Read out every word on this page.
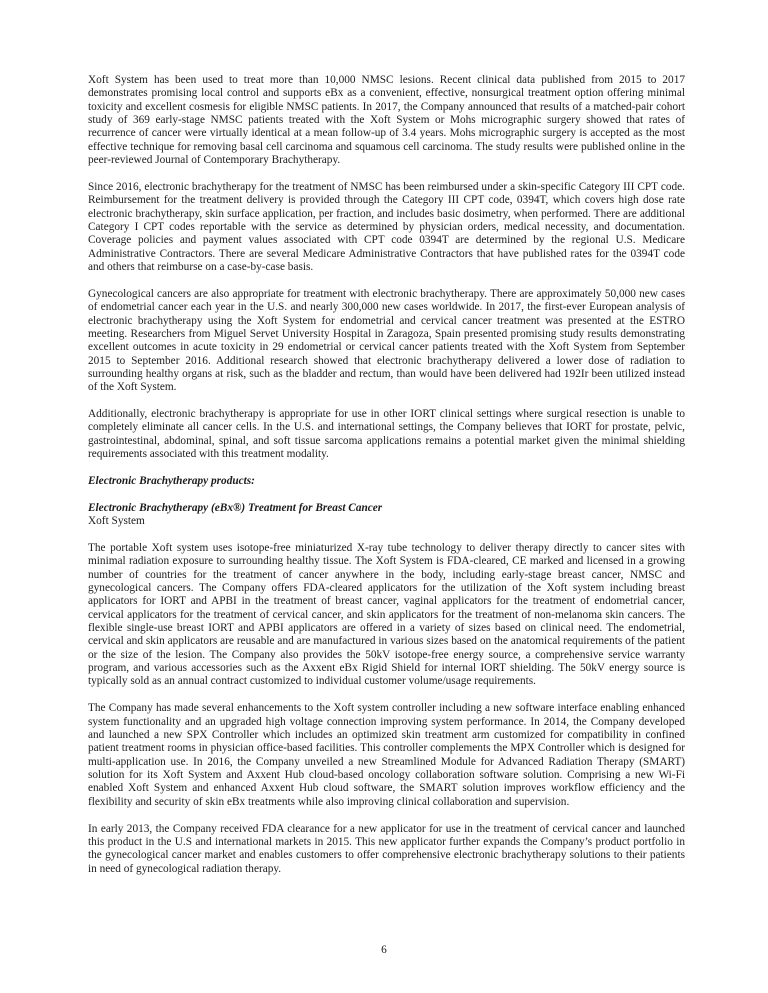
Xoft System has been used to treat more than 10,000 NMSC lesions. Recent clinical data published from 2015 to 2017 demonstrates promising local control and supports eBx as a convenient, effective, nonsurgical treatment option offering minimal toxicity and excellent cosmesis for eligible NMSC patients. In 2017, the Company announced that results of a matched-pair cohort study of 369 early-stage NMSC patients treated with the Xoft System or Mohs micrographic surgery showed that rates of recurrence of cancer were virtually identical at a mean follow-up of 3.4 years. Mohs micrographic surgery is accepted as the most effective technique for removing basal cell carcinoma and squamous cell carcinoma. The study results were published online in the peer-reviewed Journal of Contemporary Brachytherapy.

Since 2016, electronic brachytherapy for the treatment of NMSC has been reimbursed under a skin-specific Category III CPT code. Reimbursement for the treatment delivery is provided through the Category III CPT code, 0394T, which covers high dose rate electronic brachytherapy, skin surface application, per fraction, and includes basic dosimetry, when performed. There are additional Category I CPT codes reportable with the service as determined by physician orders, medical necessity, and documentation. Coverage policies and payment values associated with CPT code 0394T are determined by the regional U.S. Medicare Administrative Contractors. There are several Medicare Administrative Contractors that have published rates for the 0394T code and others that reimburse on a case-by-case basis.

Gynecological cancers are also appropriate for treatment with electronic brachytherapy. There are approximately 50,000 new cases of endometrial cancer each year in the U.S. and nearly 300,000 new cases worldwide. In 2017, the first-ever European analysis of electronic brachytherapy using the Xoft System for endometrial and cervical cancer treatment was presented at the ESTRO meeting. Researchers from Miguel Servet University Hospital in Zaragoza, Spain presented promising study results demonstrating excellent outcomes in acute toxicity in 29 endometrial or cervical cancer patients treated with the Xoft System from September 2015 to September 2016. Additional research showed that electronic brachytherapy delivered a lower dose of radiation to surrounding healthy organs at risk, such as the bladder and rectum, than would have been delivered had 192Ir been utilized instead of the Xoft System.

Additionally, electronic brachytherapy is appropriate for use in other IORT clinical settings where surgical resection is unable to completely eliminate all cancer cells. In the U.S. and international settings, the Company believes that IORT for prostate, pelvic, gastrointestinal, abdominal, spinal, and soft tissue sarcoma applications remains a potential market given the minimal shielding requirements associated with this treatment modality.

Electronic Brachytherapy products:

Electronic Brachytherapy (eBx®) Treatment for Breast Cancer

Xoft System

The portable Xoft system uses isotope-free miniaturized X-ray tube technology to deliver therapy directly to cancer sites with minimal radiation exposure to surrounding healthy tissue. The Xoft System is FDA-cleared, CE marked and licensed in a growing number of countries for the treatment of cancer anywhere in the body, including early-stage breast cancer, NMSC and gynecological cancers. The Company offers FDA-cleared applicators for the utilization of the Xoft system including breast applicators for IORT and APBI in the treatment of breast cancer, vaginal applicators for the treatment of endometrial cancer, cervical applicators for the treatment of cervical cancer, and skin applicators for the treatment of non-melanoma skin cancers. The flexible single-use breast IORT and APBI applicators are offered in a variety of sizes based on clinical need. The endometrial, cervical and skin applicators are reusable and are manufactured in various sizes based on the anatomical requirements of the patient or the size of the lesion. The Company also provides the 50kV isotope-free energy source, a comprehensive service warranty program, and various accessories such as the Axxent eBx Rigid Shield for internal IORT shielding. The 50kV energy source is typically sold as an annual contract customized to individual customer volume/usage requirements.

The Company has made several enhancements to the Xoft system controller including a new software interface enabling enhanced system functionality and an upgraded high voltage connection improving system performance. In 2014, the Company developed and launched a new SPX Controller which includes an optimized skin treatment arm customized for compatibility in confined patient treatment rooms in physician office-based facilities. This controller complements the MPX Controller which is designed for multi-application use. In 2016, the Company unveiled a new Streamlined Module for Advanced Radiation Therapy (SMART) solution for its Xoft System and Axxent Hub cloud-based oncology collaboration software solution. Comprising a new Wi-Fi enabled Xoft System and enhanced Axxent Hub cloud software, the SMART solution improves workflow efficiency and the flexibility and security of skin eBx treatments while also improving clinical collaboration and supervision.

In early 2013, the Company received FDA clearance for a new applicator for use in the treatment of cervical cancer and launched this product in the U.S and international markets in 2015. This new applicator further expands the Company’s product portfolio in the gynecological cancer market and enables customers to offer comprehensive electronic brachytherapy solutions to their patients in need of gynecological radiation therapy.

6
